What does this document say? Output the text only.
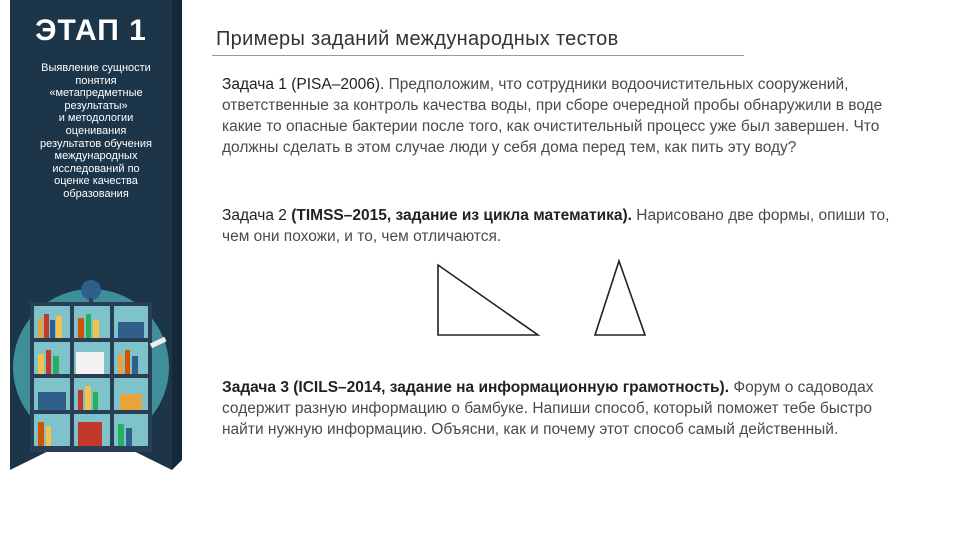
ЭТАП 1
Выявление сущности
понятия
«метапредметные
результаты»
и методологии
оценивания
результатов обучения
международных
исследований по
оценке качества
образования
Примеры заданий международных тестов

Задача 1 (PISA–2006). Предположим, что сотрудники водоочистительных сооружений, ответственные за контроль качества воды, при сборе очередной пробы обнаружили в воде какие то опасные бактерии после того, как очистительный процесс уже был завершен. Что должны сделать в этом случае люди у себя дома перед тем, как пить эту воду?

Задача 2 (TIMSS–2015, задание из цикла математика). Нарисовано две формы, опиши то, чем они похожи, и то, чем отличаются.

Задача 3 (ICILS–2014, задание на информационную грамотность). Форум о садоводах содержит разную информацию о бамбуке. Напиши способ, который поможет тебе быстро найти нужную информацию. Объясни, как и почему этот способ самый действенный.
